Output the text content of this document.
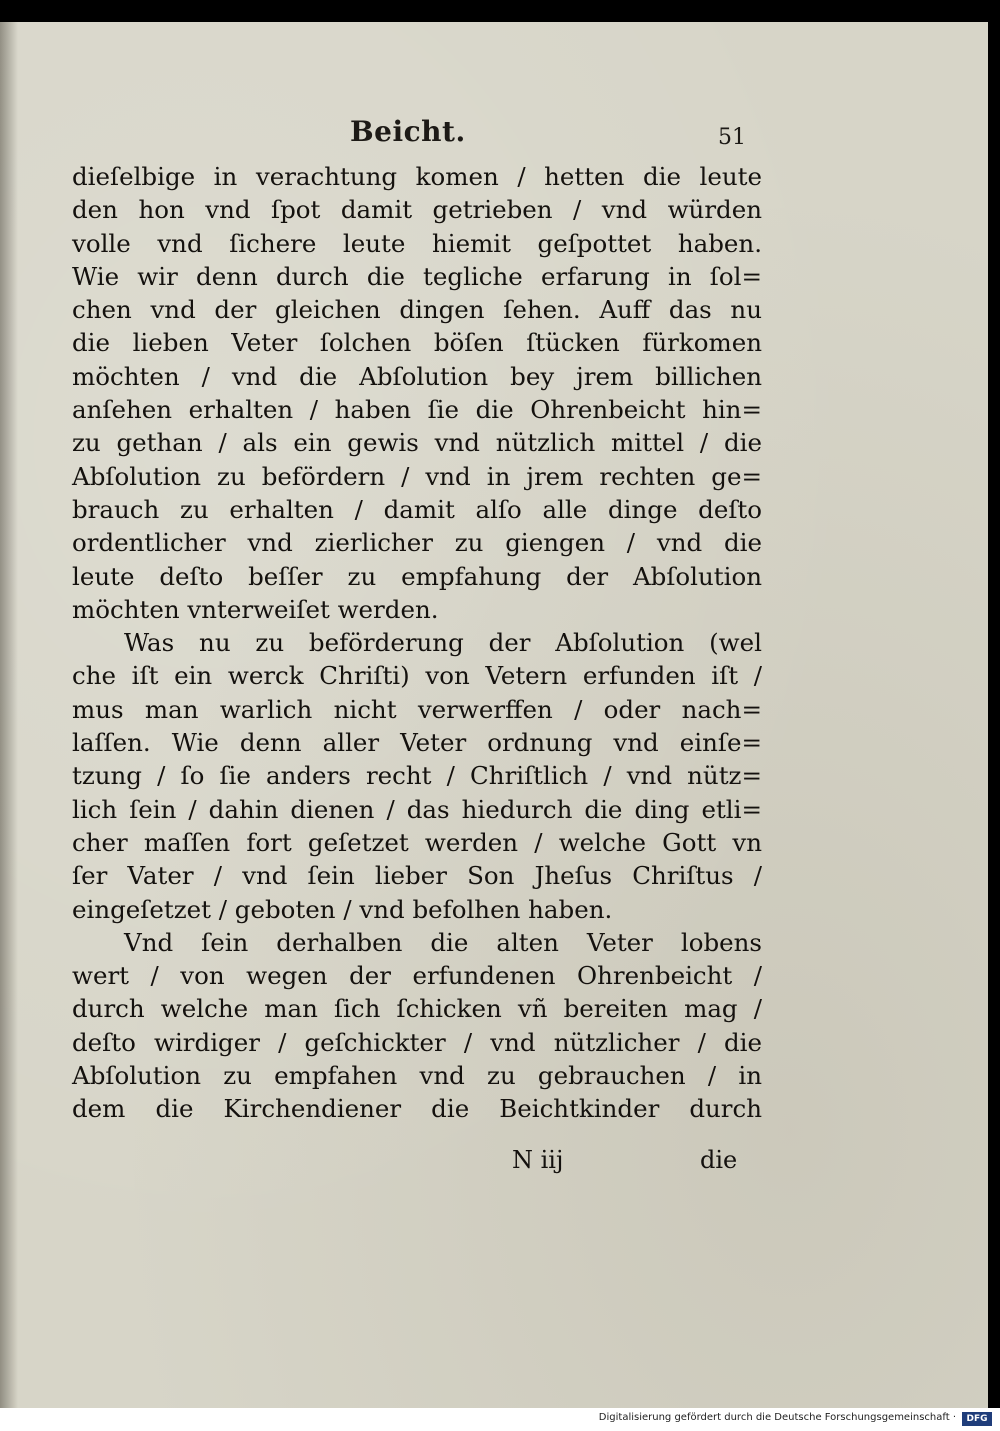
Beicht.	51
dieſelbige in verachtung komen / hetten die leute
den hon vnd ſpot damit getrieben / vnd würden
volle vnd ſichere leute hiemit geſpottet haben.
Wie wir denn durch die tegliche erfarung in ſol=
chen vnd der gleichen dingen ſehen. Auff das nu
die lieben Veter ſolchen böſen ſtücken fürkomen
möchten / vnd die Abſolution bey jrem billichen
anſehen erhalten / haben ſie die Ohrenbeicht hin=
zu gethan / als ein gewis vnd nützlich mittel / die
Abſolution zu befördern / vnd in jrem rechten ge=
brauch zu erhalten / damit alſo alle dinge deſto
ordentlicher vnd zierlicher zu giengen / vnd die
leute deſto beſſer zu empfahung der Abſolution
möchten vnterweiſet werden.
Was nu zu beförderung der Abſolution (wel
che iſt ein werck Chriſti) von Vetern erfunden iſt /
mus man warlich nicht verwerffen / oder nach=
laſſen. Wie denn aller Veter ordnung vnd einſe=
tzung / ſo ſie anders recht / Chriſtlich / vnd nütz=
lich ſein / dahin dienen / das hiedurch die ding etli=
cher maſſen fort geſetzet werden / welche Gott vn
ſer Vater / vnd ſein lieber Son Jheſus Chriſtus /
eingeſetzet / geboten / vnd befolhen haben.
Vnd ſein derhalben die alten Veter lobens
wert / von wegen der erfundenen Ohrenbeicht /
durch welche man ſich ſchicken vñ bereiten mag /
deſto wirdiger / geſchickter / vnd nützlicher / die
Abſolution zu empfahen vnd zu gebrauchen / in
dem die Kirchendiener die Beichtkinder durch
N iij	die
Digitalisierung gefördert durch die Deutsche Forschungsgemeinschaft ·	DFG
